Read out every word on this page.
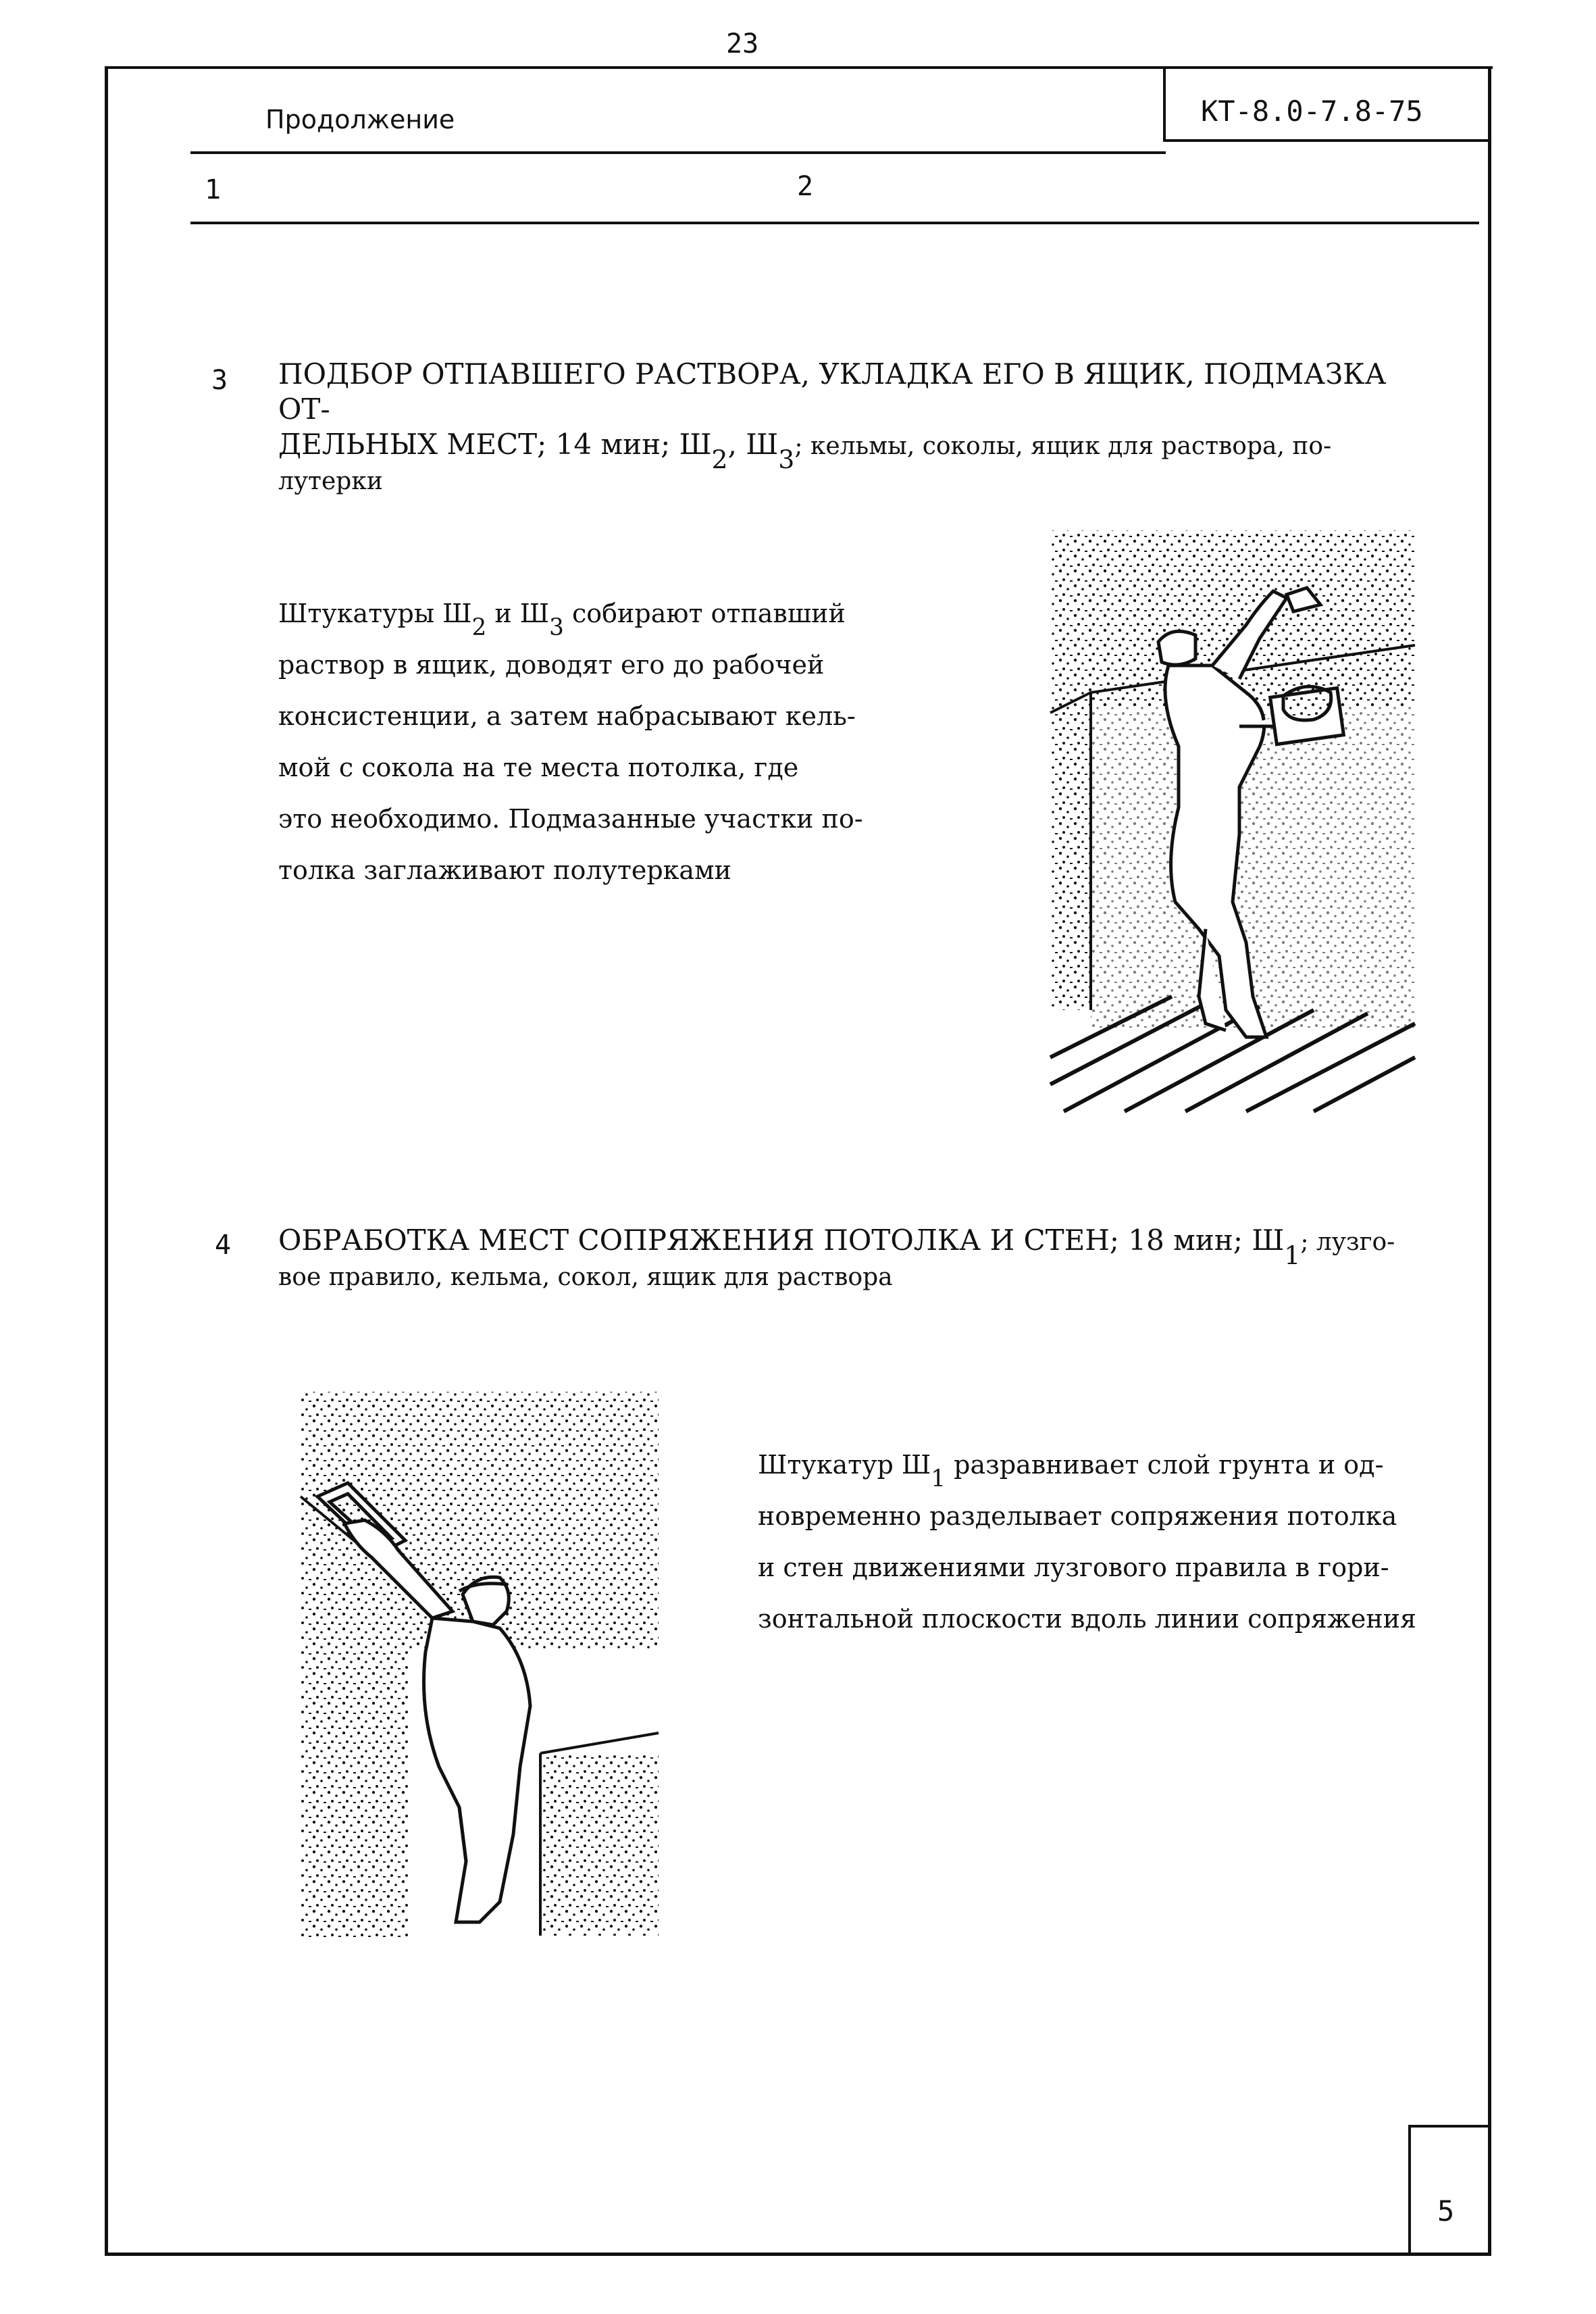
23
Продолжение	КТ-8.0-7.8-75
1	2
3 ПОДБОР ОТПАВШЕГО РАСТВОРА, УКЛАДКА ЕГО В ЯЩИК, ПОДМАЗКА ОТ-
ДЕЛЬНЫХ МЕСТ; 14 мин; $Ш_2$, $Ш_3$; кельмы, соколы, ящик для раствора, по-
лутерки
Штукатуры $Ш_2$ и $Ш_3$ собирают отпавший
раствор в ящик, доводят его до рабочей
консистенции, а затем набрасывают кель-
мой с сокола на те места потолка, где
это необходимо. Подмазанные участки по-
толка заглаживают полутерками
4 ОБРАБОТКА МЕСТ СОПРЯЖЕНИЯ ПОТОЛКА И СТЕН; 18 мин; $Ш_1$; лузго-
вое правило, кельма, сокол, ящик для раствора
Штукатур $Ш_1$ разравнивает слой грунта и од-
новременно разделывает сопряжения потолка
и стен движениями лузгового правила в гори-
зонтальной плоскости вдоль линии сопряжения
5
